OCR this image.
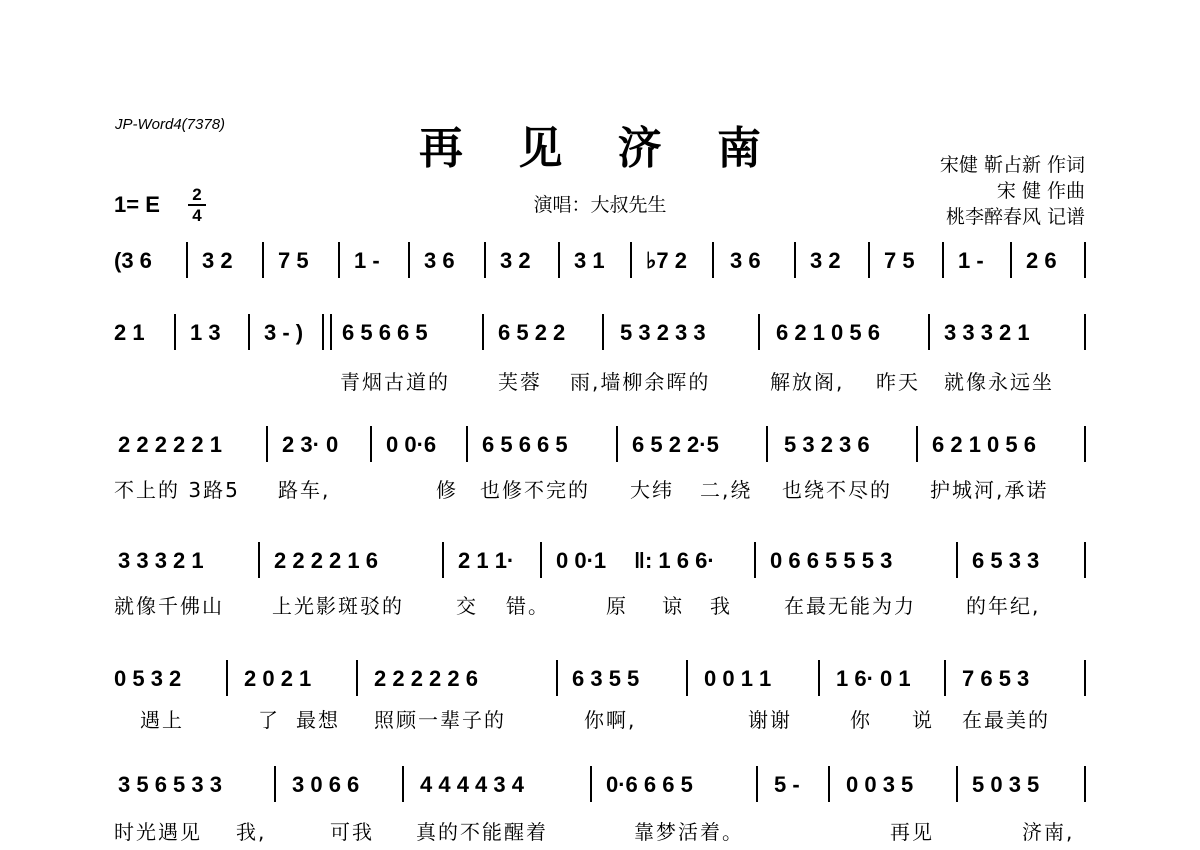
JP-Word4(7378)	再 见 济 南
演唱：大叔先生
宋健 靳占新 作词
宋 健 作曲
桃李醉春风 记谱
1= E 2
4
(3 6 3 2 7 5 1 - 3 6 3 2 3 1 ♭7 2 3 6 3 2 7 5 1 - 2 6
2 1 1 3 3 - ) 6 5 6 6 5	6 5 2 2 5 3 2 3 3	6 2 1 0 5 6	3 3 3 2 1
青烟古道的 芙蓉 雨,墙柳余晖的	解放阁, 昨天 就像永远坐
2 2 2 2 2 1	2 3· 0 0 0·6 6 5 6 6 5	6 5 2 2·5	5 3 2 3 6	6 2 1 0 5 6
不上的 3路5 路车,	修 也修不完的 大纬 二,绕 也绕不尽的 护城河,承诺
3 3 3 2 1	2 2 2 2 1 6	2 1 1· 0 0·1 ‖: 1 6 6·	0 6 6 5 5 5 3	6 5 3 3
就像千佛山 上光影斑驳的	交 错。	原 谅 我	在最无能为力	的年纪,
0 5 3 2	2 0 2 1	2 2 2 2 2 6	6 3 5 5	0 0 1 1	1 6· 0 1 7 6 5 3
遇上	了 最想 照顾一辈子的	你啊,	谢谢	你 说 在最美的
3 5 6 5 3 3	3 0 6 6	4 4 4 4 3 4	0·6 6 6 5	5 - 0 0 3 5	5 0 3 5
时光遇见 我,	可我 真的不能醒着	靠梦活着。	再见	济南,
